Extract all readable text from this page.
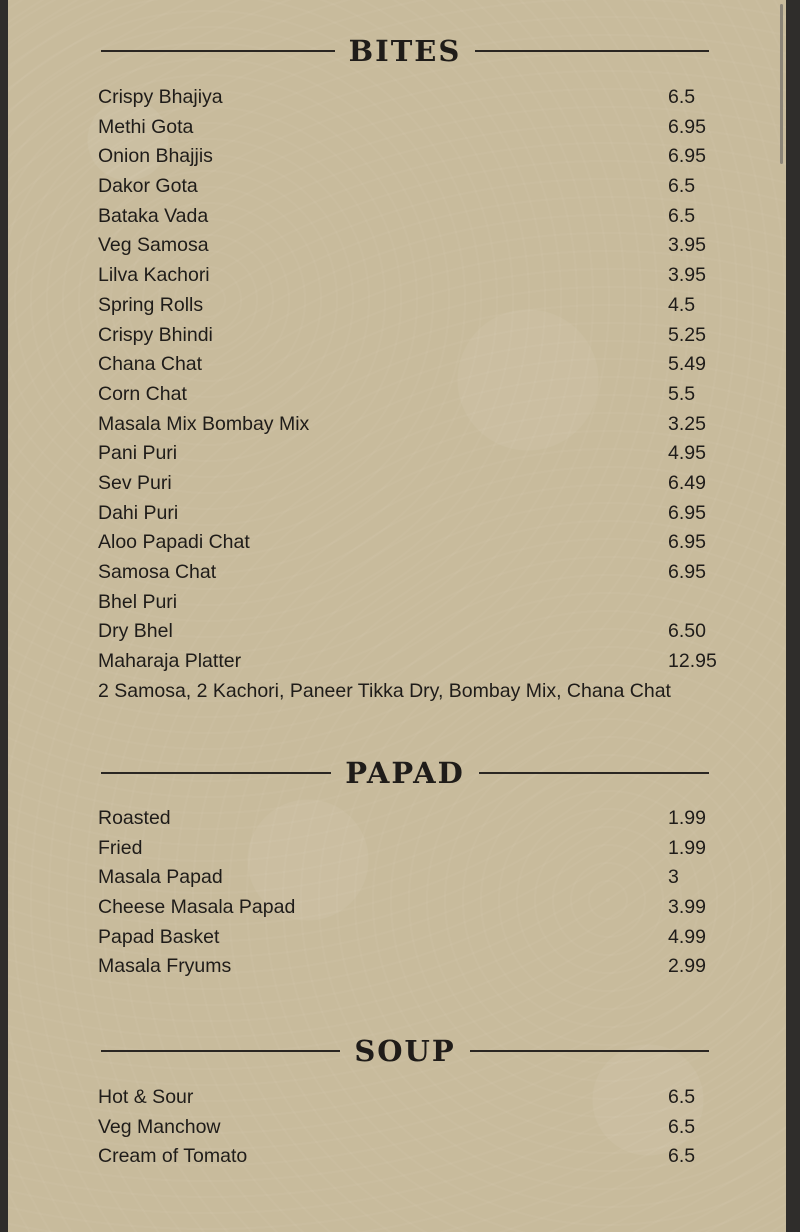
BITES
Crispy Bhajiya	6.5
Methi Gota	6.95
Onion Bhajjis	6.95
Dakor Gota	6.5
Bataka Vada	6.5
Veg Samosa	3.95
Lilva Kachori	3.95
Spring Rolls	4.5
Crispy Bhindi	5.25
Chana Chat	5.49
Corn Chat	5.5
Masala Mix Bombay Mix	3.25
Pani Puri	4.95
Sev Puri	6.49
Dahi Puri	6.95
Aloo Papadi Chat	6.95
Samosa Chat	6.95
Bhel Puri
Dry Bhel	6.50
Maharaja Platter	12.95
2 Samosa, 2 Kachori, Paneer Tikka Dry, Bombay Mix, Chana Chat
PAPAD
Roasted	1.99
Fried	1.99
Masala Papad	3
Cheese Masala Papad	3.99
Papad Basket	4.99
Masala Fryums	2.99
SOUP
Hot & Sour	6.5
Veg Manchow	6.5
Cream of Tomato	6.5
